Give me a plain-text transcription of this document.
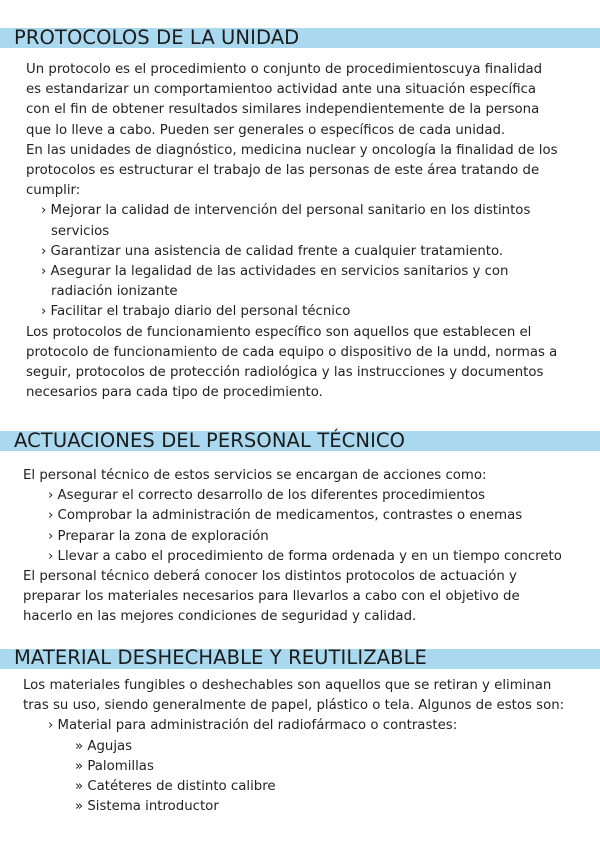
PROTOCOLOS DE LA UNIDAD

Un protocolo es el procedimiento o conjunto de procedimientoscuya finalidad es estandarizar un comportamientoo actividad ante una situación específica con el fin de obtener resultados similares independientemente de la persona que lo lleve a cabo. Pueden ser generales o específicos de cada unidad.

En las unidades de diagnóstico, medicina nuclear y oncología la finalidad de los protocolos es estructurar el trabajo de las personas de este área tratando de cumplir:

› Mejorar la calidad de intervención del personal sanitario en los distintos servicios

› Garantizar una asistencia de calidad frente a cualquier tratamiento.

› Asegurar la legalidad de las actividades en servicios sanitarios y con radiación ionizante

› Facilitar el trabajo diario del personal técnico

Los protocolos de funcionamiento específico son aquellos que establecen el protocolo de funcionamiento de cada equipo o dispositivo de la undd, normas a seguir, protocolos de protección radiológica y las instrucciones y documentos necesarios para cada tipo de procedimiento.

ACTUACIONES DEL PERSONAL TÉCNICO

El personal técnico de estos servicios se encargan de acciones como:

› Asegurar el correcto desarrollo de los diferentes procedimientos

› Comprobar la administración de medicamentos, contrastes o enemas

› Preparar la zona de exploración

› Llevar a cabo el procedimiento de forma ordenada y en un tiempo concreto

El personal técnico deberá conocer los distintos protocolos de actuación y preparar los materiales necesarios para llevarlos a cabo con el objetivo de hacerlo en las mejores condiciones de seguridad y calidad.

MATERIAL DESHECHABLE Y REUTILIZABLE

Los materiales fungibles o deshechables son aquellos que se retiran y eliminan tras su uso, siendo generalmente de papel, plástico o tela. Algunos de estos son:

› Material para administración del radiofármaco o contrastes:

» Agujas

» Palomillas

» Catéteres de distinto calibre

» Sistema introductor
